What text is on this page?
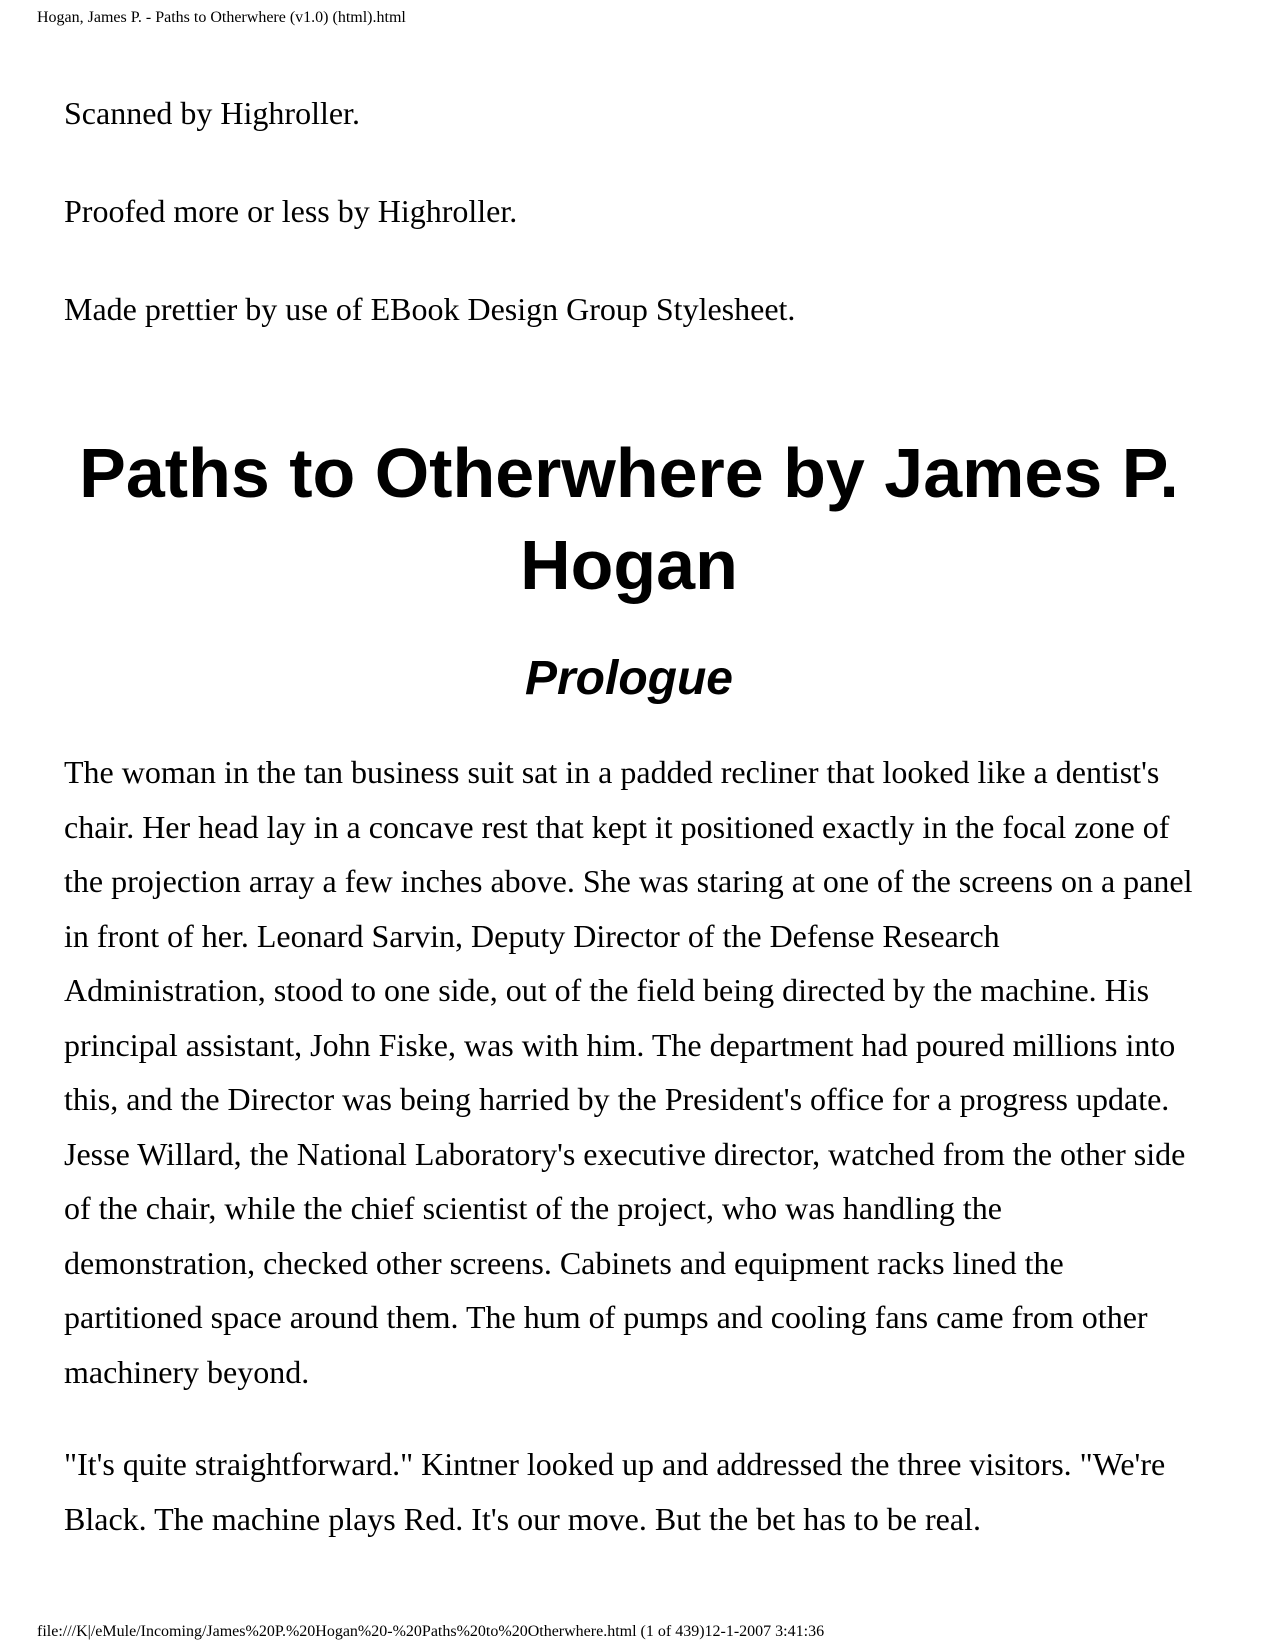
Hogan, James P. - Paths to Otherwhere (v1.0) (html).html

Scanned by Highroller.

Proofed more or less by Highroller.

Made prettier by use of EBook Design Group Stylesheet.

Paths to Otherwhere by James P. Hogan
Prologue

The woman in the tan business suit sat in a padded recliner that looked like a dentist's chair. Her head lay in a concave rest that kept it positioned exactly in the focal zone of the projection array a few inches above. She was staring at one of the screens on a panel in front of her. Leonard Sarvin, Deputy Director of the Defense Research Administration, stood to one side, out of the field being directed by the machine. His principal assistant, John Fiske, was with him. The department had poured millions into this, and the Director was being harried by the President's office for a progress update. Jesse Willard, the National Laboratory's executive director, watched from the other side of the chair, while the chief scientist of the project, who was handling the demonstration, checked other screens. Cabinets and equipment racks lined the partitioned space around them. The hum of pumps and cooling fans came from other machinery beyond.

"It's quite straightforward." Kintner looked up and addressed the three visitors. "We're Black. The machine plays Red. It's our move. But the bet has to be real.

file:///K|/eMule/Incoming/James%20P.%20Hogan%20-%20Paths%20to%20Otherwhere.html (1 of 439)12-1-2007 3:41:36
